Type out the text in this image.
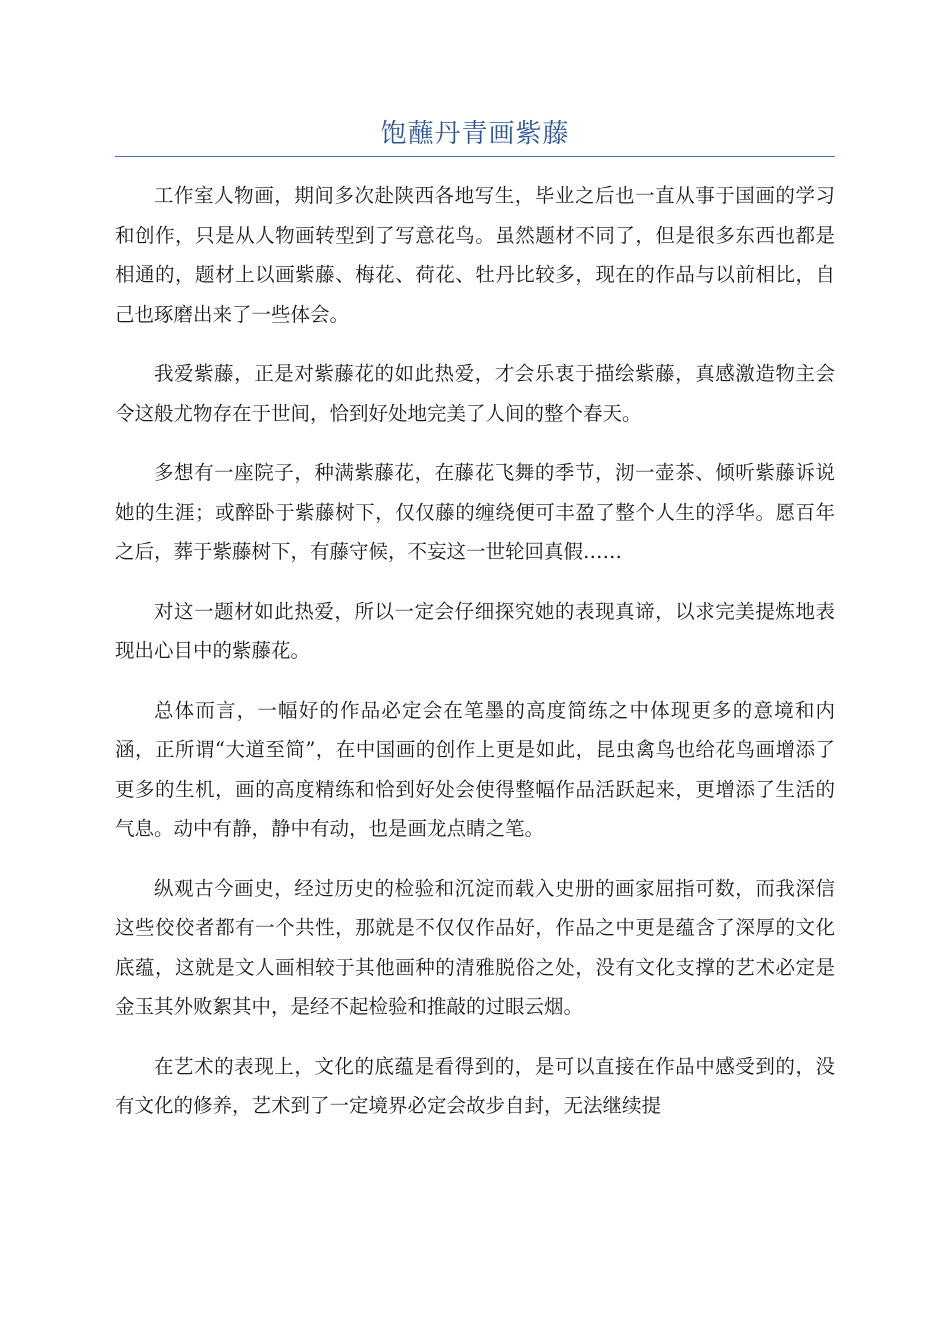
饱蘸丹青画紫藤

工作室人物画，期间多次赴陕西各地写生，毕业之后也一直从事于国画的学习和创作，只是从人物画转型到了写意花鸟。虽然题材不同了，但是很多东西也都是相通的，题材上以画紫藤、梅花、荷花、牡丹比较多，现在的作品与以前相比，自己也琢磨出来了一些体会。

我爱紫藤，正是对紫藤花的如此热爱，才会乐衷于描绘紫藤，真感激造物主会令这般尤物存在于世间，恰到好处地完美了人间的整个春天。

多想有一座院子，种满紫藤花，在藤花飞舞的季节，沏一壶茶、倾听紫藤诉说她的生涯；或醉卧于紫藤树下，仅仅藤的缠绕便可丰盈了整个人生的浮华。愿百年之后，葬于紫藤树下，有藤守候，不妄这一世轮回真假……

对这一题材如此热爱，所以一定会仔细探究她的表现真谛，以求完美提炼地表现出心目中的紫藤花。

总体而言，一幅好的作品必定会在笔墨的高度简练之中体现更多的意境和内涵，正所谓“大道至简”，在中国画的创作上更是如此，昆虫禽鸟也给花鸟画增添了更多的生机，画的高度精练和恰到好处会使得整幅作品活跃起来，更增添了生活的气息。动中有静，静中有动，也是画龙点睛之笔。

纵观古今画史，经过历史的检验和沉淀而载入史册的画家屈指可数，而我深信这些佼佼者都有一个共性，那就是不仅仅作品好，作品之中更是蕴含了深厚的文化底蕴，这就是文人画相较于其他画种的清雅脱俗之处，没有文化支撑的艺术必定是金玉其外败絮其中，是经不起检验和推敲的过眼云烟。

在艺术的表现上，文化的底蕴是看得到的，是可以直接在作品中感受到的，没有文化的修养，艺术到了一定境界必定会故步自封，无法继续提
